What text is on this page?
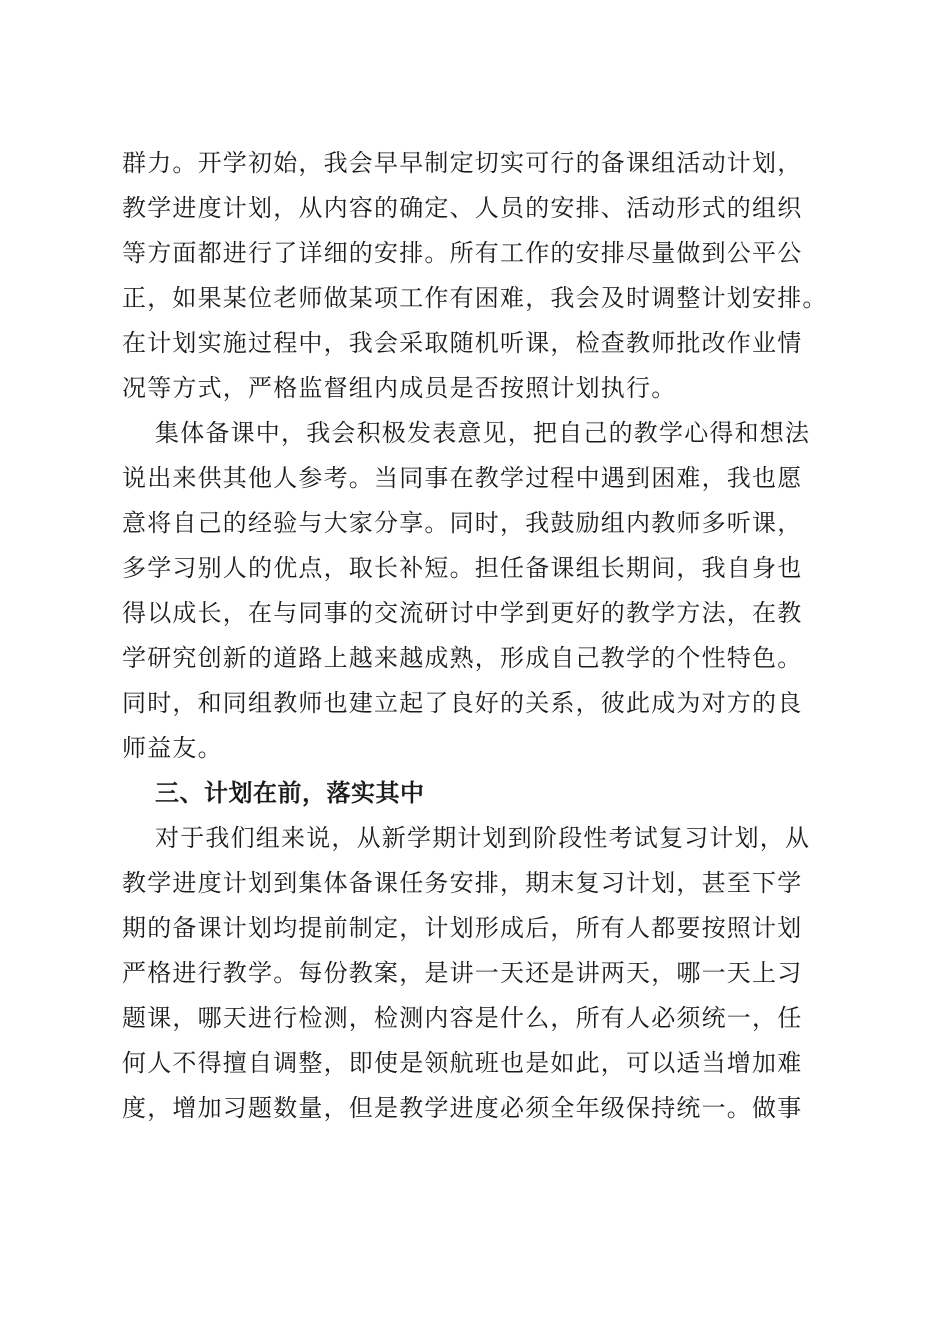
群力。开学初始，我会早早制定切实可行的备课组活动计划，
教学进度计划，从内容的确定、人员的安排、活动形式的组织
等方面都进行了详细的安排。所有工作的安排尽量做到公平公
正，如果某位老师做某项工作有困难，我会及时调整计划安排。
在计划实施过程中，我会采取随机听课，检查教师批改作业情
况等方式，严格监督组内成员是否按照计划执行。
集体备课中，我会积极发表意见，把自己的教学心得和想法
说出来供其他人参考。当同事在教学过程中遇到困难，我也愿
意将自己的经验与大家分享。同时，我鼓励组内教师多听课，
多学习别人的优点，取长补短。担任备课组长期间，我自身也
得以成长，在与同事的交流研讨中学到更好的教学方法，在教
学研究创新的道路上越来越成熟，形成自己教学的个性特色。
同时，和同组教师也建立起了良好的关系，彼此成为对方的良
师益友。
三、计划在前，落实其中
对于我们组来说，从新学期计划到阶段性考试复习计划，从
教学进度计划到集体备课任务安排，期末复习计划，甚至下学
期的备课计划均提前制定，计划形成后，所有人都要按照计划
严格进行教学。每份教案，是讲一天还是讲两天，哪一天上习
题课，哪天进行检测，检测内容是什么，所有人必须统一，任
何人不得擅自调整，即使是领航班也是如此，可以适当增加难
度，增加习题数量，但是教学进度必须全年级保持统一。做事
